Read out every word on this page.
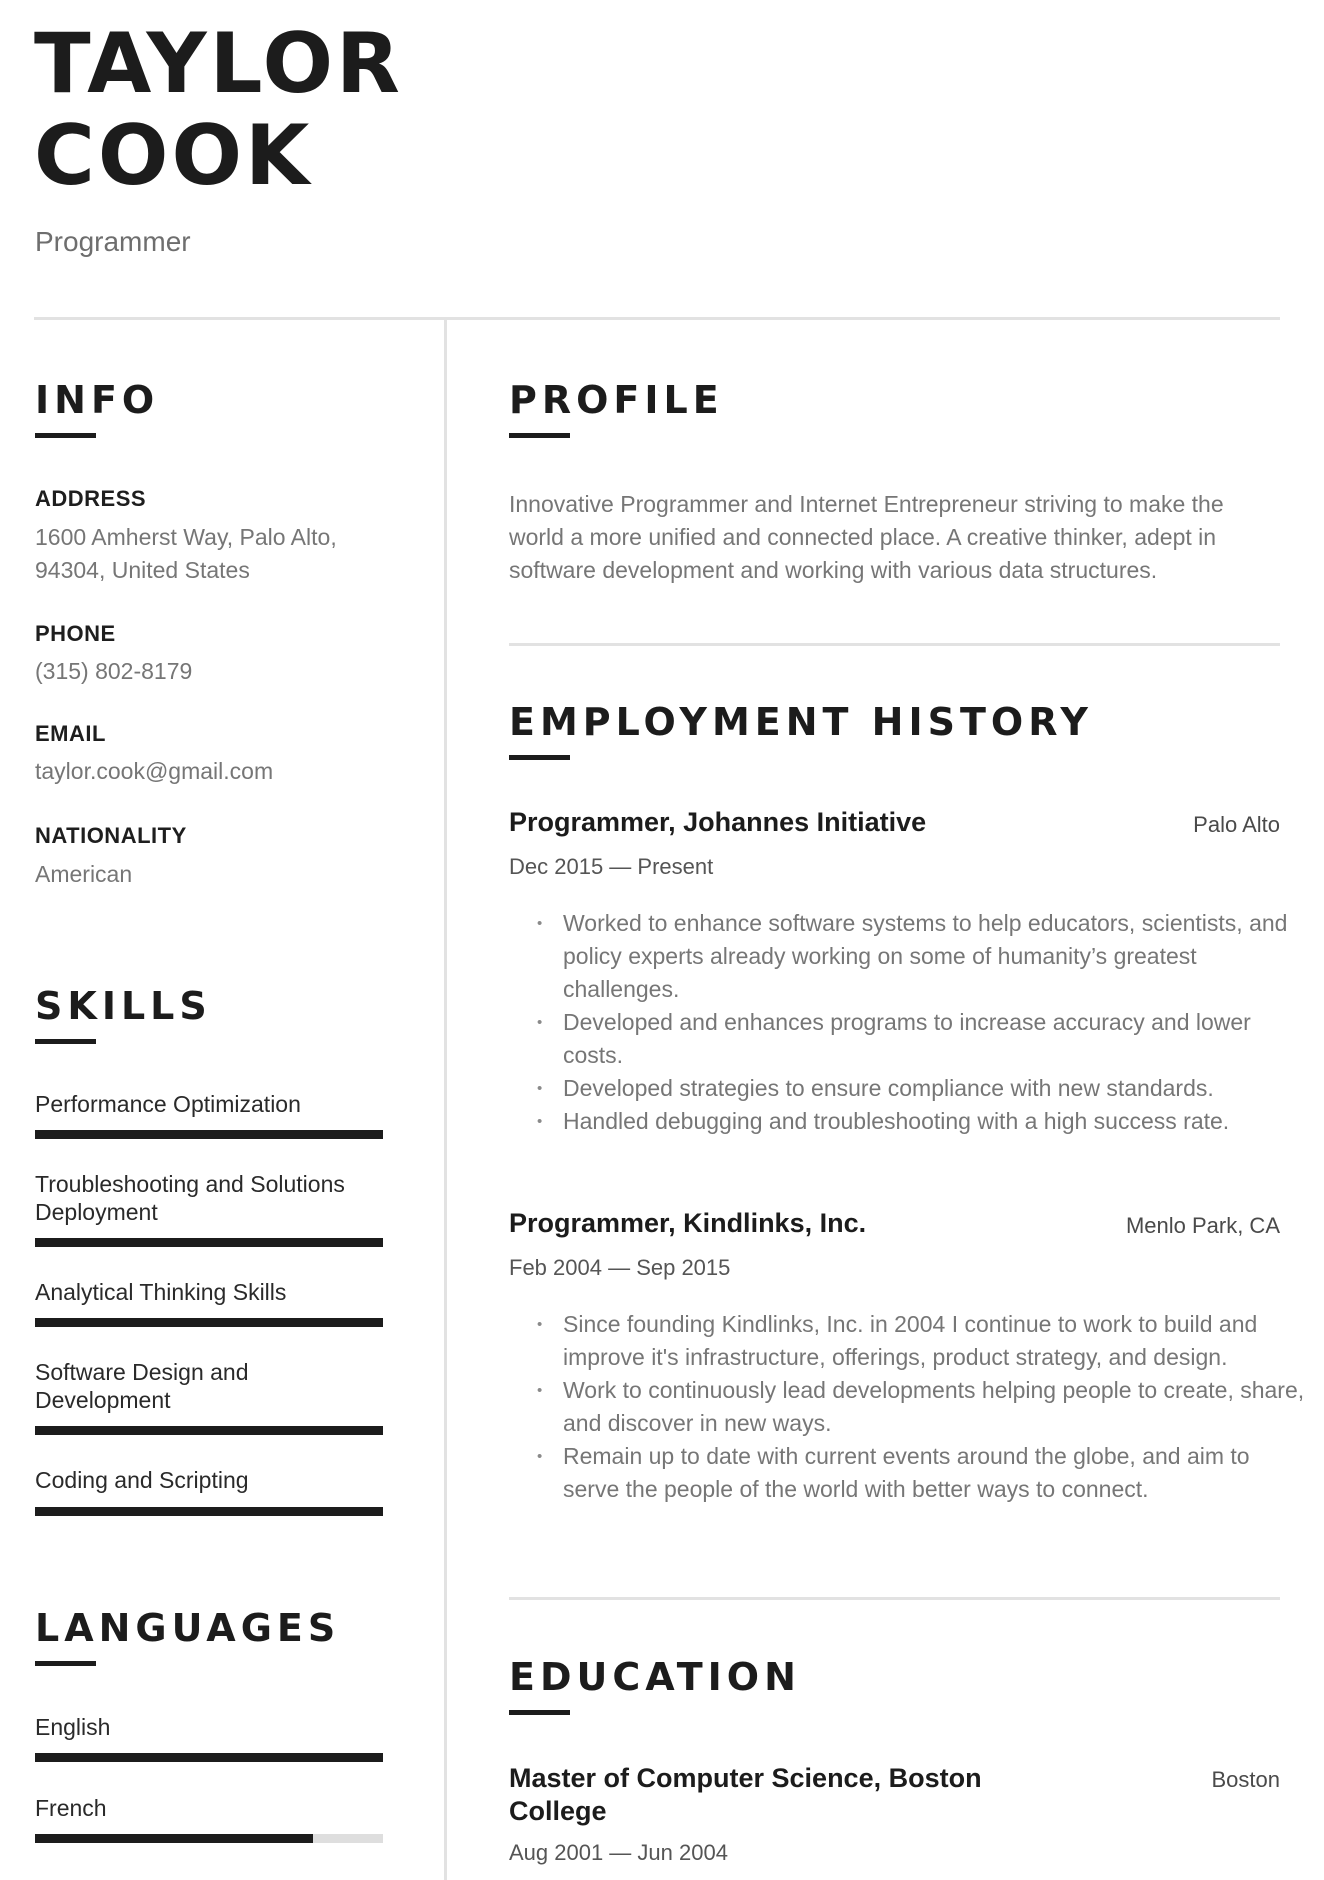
TAYLOR
COOK
Programmer
INFO
ADDRESS
1600 Amherst Way, Palo Alto,
94304, United States
PHONE
(315) 802-8179
EMAIL
taylor.cook@gmail.com
NATIONALITY
American
SKILLS
Performance Optimization
Troubleshooting and Solutions Deployment
Analytical Thinking Skills
Software Design and Development
Coding and Scripting
LANGUAGES
English
French
PROFILE
Innovative Programmer and Internet Entrepreneur striving to make the world a more unified and connected place. A creative thinker, adept in software development and working with various data structures.
EMPLOYMENT HISTORY
Programmer, Johannes Initiative	Palo Alto
Dec 2015 — Present
• Worked to enhance software systems to help educators, scientists, and policy experts already working on some of humanity’s greatest challenges.
• Developed and enhances programs to increase accuracy and lower costs.
• Developed strategies to ensure compliance with new standards.
• Handled debugging and troubleshooting with a high success rate.
Programmer, Kindlinks, Inc.	Menlo Park, CA
Feb 2004 — Sep 2015
• Since founding Kindlinks, Inc. in 2004 I continue to work to build and improve it's infrastructure, offerings, product strategy, and design.
• Work to continuously lead developments helping people to create, share, and discover in new ways.
• Remain up to date with current events around the globe, and aim to serve the people of the world with better ways to connect.
EDUCATION
Master of Computer Science, Boston College
Boston
Aug 2001 — Jun 2004
